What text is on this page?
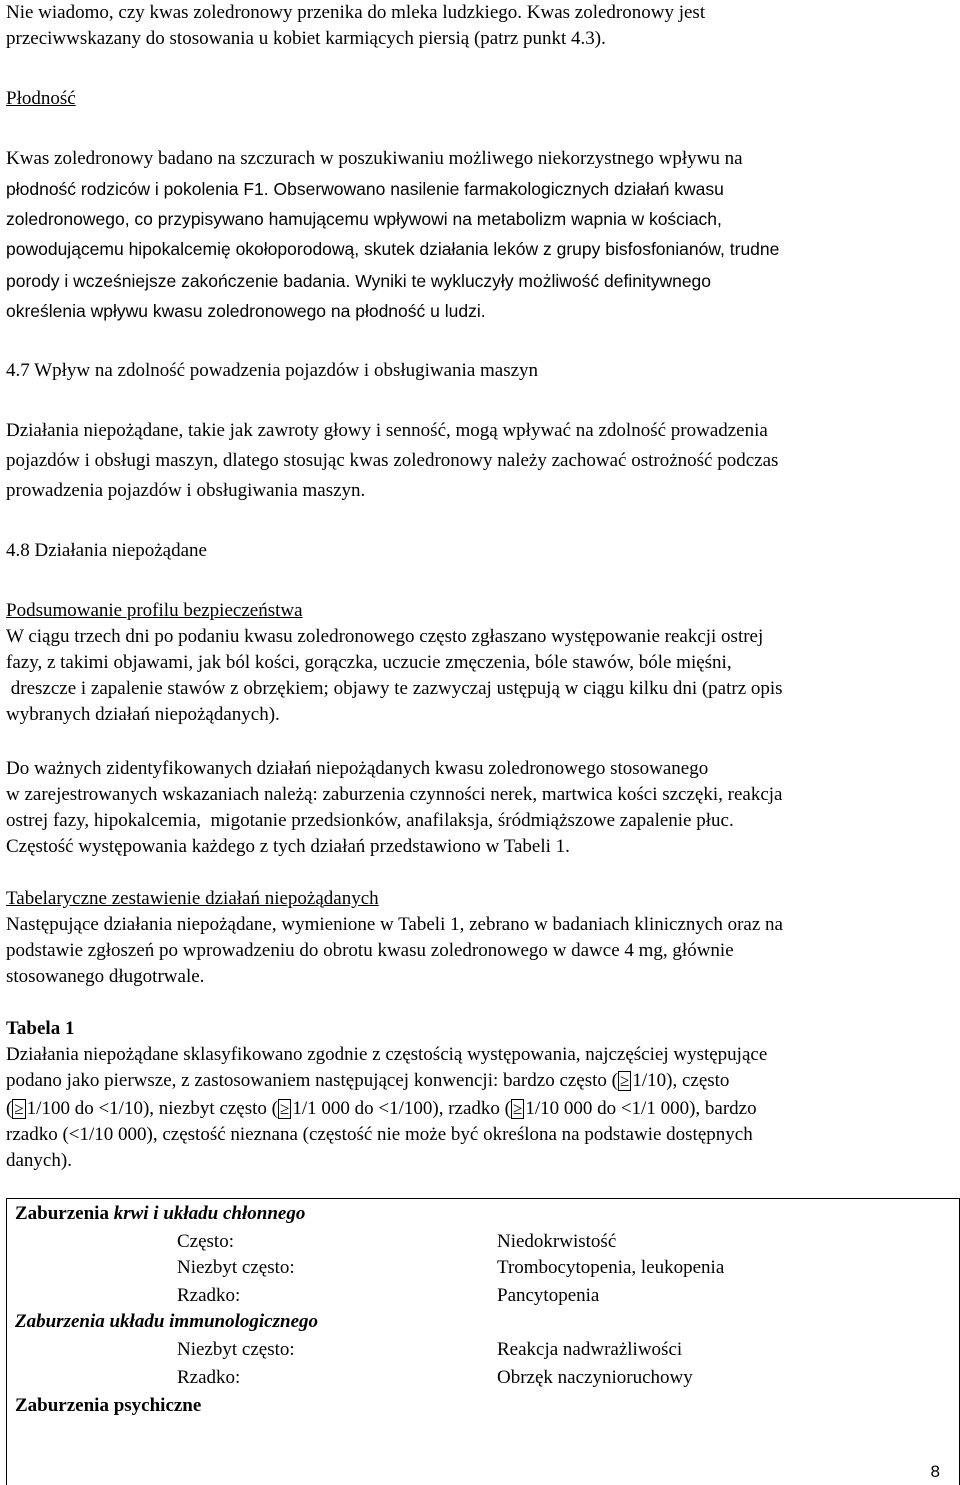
Nie wiadomo, czy kwas zoledronowy przenika do mleka ludzkiego. Kwas zoledronowy jest
przeciwwskazany do stosowania u kobiet karmiących piersią (patrz punkt 4.3).
Płodność
Kwas zoledronowy badano na szczurach w poszukiwaniu możliwego niekorzystnego wpływu na
płodność rodziców i pokolenia F1. Obserwowano nasilenie farmakologicznych działań kwasu
zoledronowego, co przypisywano hamującemu wpływowi na metabolizm wapnia w kościach,
powodującemu hipokalcemię okołoporodową, skutek działania leków z grupy bisfosfonianów, trudne
porody i wcześniejsze zakończenie badania. Wyniki te wykluczyły możliwość definitywnego
określenia wpływu kwasu zoledronowego na płodność u ludzi.
4.7 Wpływ na zdolność powadzenia pojazdów i obsługiwania maszyn
Działania niepożądane, takie jak zawroty głowy i senność, mogą wpływać na zdolność prowadzenia
pojazdów i obsługi maszyn, dlatego stosując kwas zoledronowy należy zachować ostrożność podczas
prowadzenia pojazdów i obsługiwania maszyn.
4.8 Działania niepożądane
Podsumowanie profilu bezpieczeństwa
W ciągu trzech dni po podaniu kwasu zoledronowego często zgłaszano występowanie reakcji ostrej
fazy, z takimi objawami, jak ból kości, gorączka, uczucie zmęczenia, bóle stawów, bóle mięśni,
dreszcze i zapalenie stawów z obrzękiem; objawy te zazwyczaj ustępują w ciągu kilku dni (patrz opis
wybranych działań niepożądanych).
Do ważnych zidentyfikowanych działań niepożądanych kwasu zoledronowego stosowanego
w zarejestrowanych wskazaniach należą: zaburzenia czynności nerek, martwica kości szczęki, reakcja
ostrej fazy, hipokalcemia,  migotanie przedsionków, anafilaksja, śródmiąższowe zapalenie płuc.
Częstość występowania każdego z tych działań przedstawiono w Tabeli 1.
Tabelaryczne zestawienie działań niepożądanych
Następujące działania niepożądane, wymienione w Tabeli 1, zebrano w badaniach klinicznych oraz na
podstawie zgłoszeń po wprowadzeniu do obrotu kwasu zoledronowego w dawce 4 mg, głównie
stosowanego długotrwale.
Tabela 1
Działania niepożądane sklasyfikowano zgodnie z częstością występowania, najczęściej występujące
podano jako pierwsze, z zastosowaniem następującej konwencji: bardzo często ( ≥ 1/10), często
( ≥ 1/100 do <1/10), niezbyt często ( ≥ 1/1 000 do <1/100), rzadko ( ≥ 1/10 000 do <1/1 000), bardzo
rzadko (<1/10 000), częstość nieznana (częstość nie może być określona na podstawie dostępnych
danych).
Zaburzenia krwi i układu chłonnego
Często:	Niedokrwistość
Niezbyt często:	Trombocytopenia, leukopenia
Rzadko:	Pancytopenia
Zaburzenia układu immunologicznego
Niezbyt często:	Reakcja nadwrażliwości
Rzadko:	Obrzęk naczynioruchowy
Zaburzenia psychiczne
8
